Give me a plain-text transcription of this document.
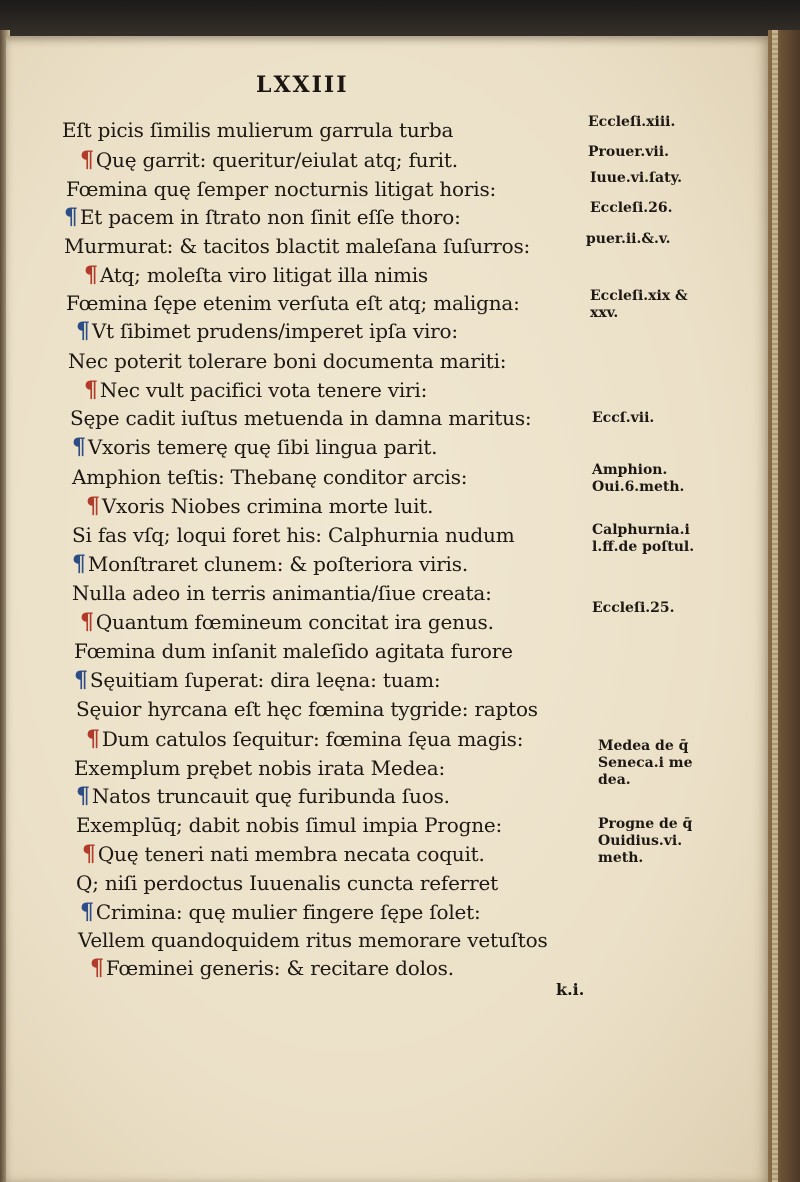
LXXIII
Eſt picis ſimilis mulierum garrula turba
¶ Quę garrit: queritur/eiulat atq; furit.
Fœmina quę ſemper nocturnis litigat horis:
¶ Et pacem in ſtrato non ſinit eſſe thoro:
Murmurat: & tacitos blactit maleſana ſuſurros:
¶ Atq; moleſta viro litigat illa nimis
Fœmina ſępe etenim verſuta eſt atq; maligna:
¶ Vt ſibimet prudens/imperet ipſa viro:
Nec poterit tolerare boni documenta mariti:
¶ Nec vult pacifici vota tenere viri:
Sępe cadit iuſtus metuenda in damna maritus:
¶ Vxoris temerę quę ſibi lingua parit.
Amphion teſtis: Thebanę conditor arcis:
¶ Vxoris Niobes crimina morte luit.
Si fas vſq; loqui foret his: Calphurnia nudum
¶ Monſtraret clunem: & poſteriora viris.
Nulla adeo in terris animantia/ſiue creata:
¶ Quantum fœmineum concitat ira genus.
Fœmina dum inſanit maleſido agitata furore
¶ Sęuitiam ſuperat: dira leęna: tuam:
Sęuior hyrcana eſt hęc fœmina tygride: raptos
¶ Dum catulos ſequitur: fœmina ſęua magis:
Exemplum prębet nobis irata Medea:
¶ Natos truncauit quę furibunda ſuos.
Exemplūq; dabit nobis ſimul impia Progne:
¶ Quę teneri nati membra necata coquit.
Q; niſi perdoctus Iuuenalis cuncta referret
¶ Crimina: quę mulier fingere ſępe ſolet:
Vellem quandoquidem ritus memorare vetuſtos
¶ Fœminei generis: & recitare dolos.
Eccleſi.xiii.
Prouer.vii.
Iuue.vi.ſaty.
Eccleſi.26.
puer.ii.&.v.
Eccleſi.xix &
xxv.
Eccſ.vii.
Amphion.
Oui.6.meth.
Calphurnia.i
l.ff.de poſtul.
Eccleſi.25.
Medea de q̄
Seneca.i me
dea.
Progne de q̄
Ouidius.vi.
meth.
k.i.
